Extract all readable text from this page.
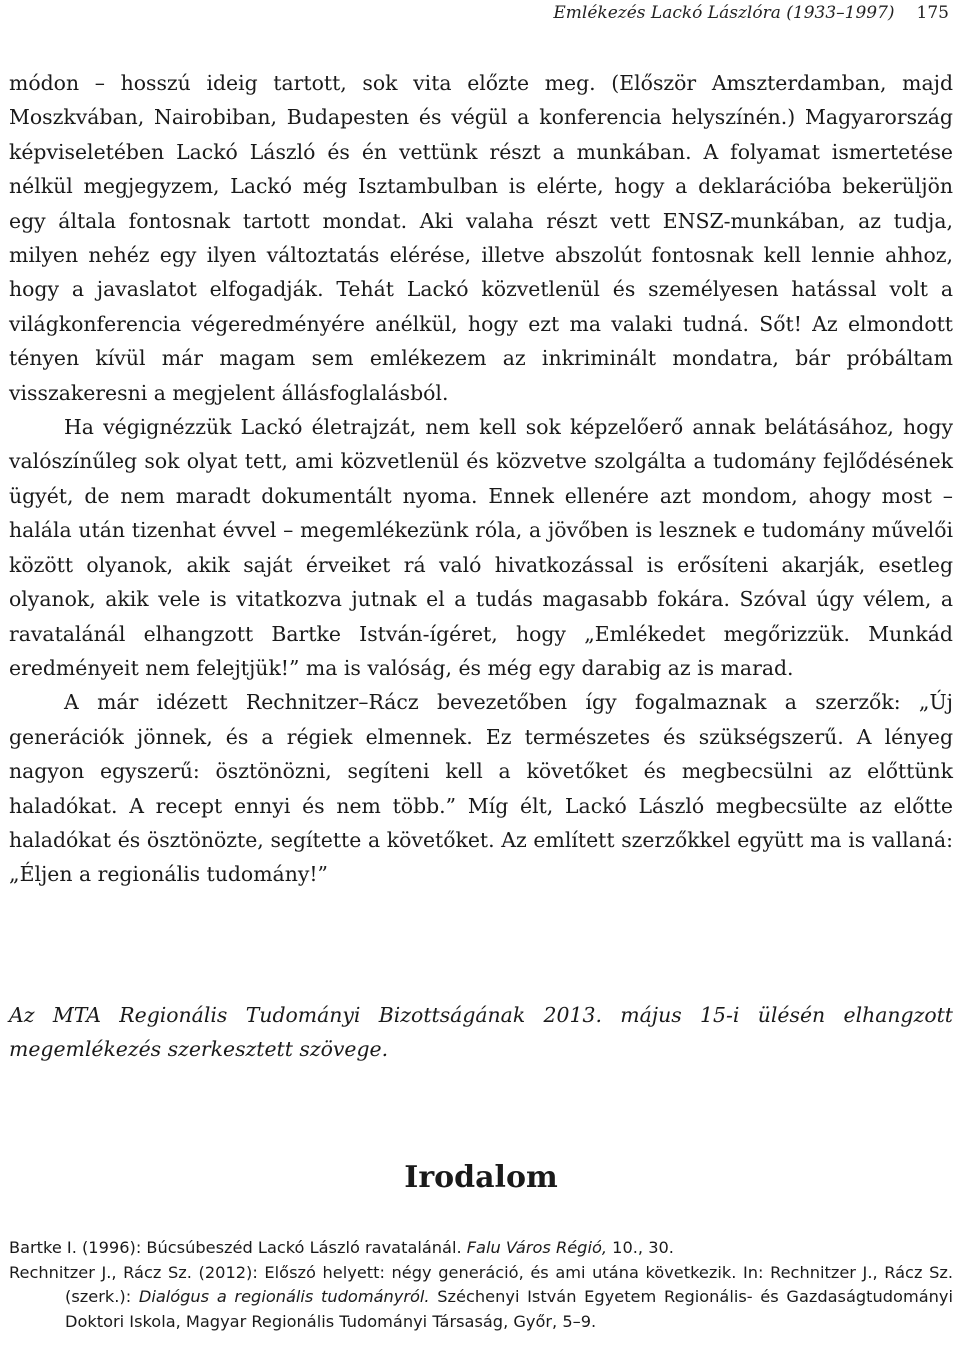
Emlékezés Lackó Lászlóra (1933–1997) 175

módon – hosszú ideig tartott, sok vita előzte meg. (Először Amszterdamban, majd Moszkvában, Nairobiban, Budapesten és végül a konferencia helyszínén.) Magyarország képviseletében Lackó László és én vettünk részt a munkában. A folyamat ismertetése nélkül megjegyzem, Lackó még Isztambulban is elérte, hogy a deklarációba bekerüljön egy általa fontosnak tartott mondat. Aki valaha részt vett ENSZ-munkában, az tudja, milyen nehéz egy ilyen változtatás elérése, illetve abszolút fontosnak kell lennie ahhoz, hogy a javaslatot elfogadják. Tehát Lackó közvetlenül és személyesen hatással volt a világkonferencia végeredményére anélkül, hogy ezt ma valaki tudná. Sőt! Az elmondott tényen kívül már magam sem emlékezem az inkriminált mondatra, bár próbáltam visszakeresni a megjelent állásfoglalásból.

Ha végignézzük Lackó életrajzát, nem kell sok képzelőerő annak belátásához, hogy valószínűleg sok olyat tett, ami közvetlenül és közvetve szolgálta a tudomány fejlődésének ügyét, de nem maradt dokumentált nyoma. Ennek ellenére azt mondom, ahogy most – halála után tizenhat évvel – megemlékezünk róla, a jövőben is lesznek e tudomány művelői között olyanok, akik saját érveiket rá való hivatkozással is erősíteni akarják, esetleg olyanok, akik vele is vitatkozva jutnak el a tudás magasabb fokára. Szóval úgy vélem, a ravatalánál elhangzott Bartke István-ígéret, hogy „Emlékedet megőrizzük. Munkád eredményeit nem felejtjük!” ma is valóság, és még egy darabig az is marad.

A már idézett Rechnitzer–Rácz bevezetőben így fogalmaznak a szerzők: „Új generációk jönnek, és a régiek elmennek. Ez természetes és szükségszerű. A lényeg nagyon egyszerű: ösztönözni, segíteni kell a követőket és megbecsülni az előttünk haladókat. A recept ennyi és nem több.” Míg élt, Lackó László megbecsülte az előtte haladókat és ösztönözte, segítette a követőket. Az említett szerzőkkel együtt ma is vallaná: „Éljen a regionális tudomány!”

Az MTA Regionális Tudományi Bizottságának 2013. május 15-i ülésén elhangzott megemlékezés szerkesztett szövege.

Irodalom

Bartke I. (1996): Búcsúbeszéd Lackó László ravatalánál. Falu Város Régió, 10., 30.

Rechnitzer J., Rácz Sz. (2012): Előszó helyett: négy generáció, és ami utána következik. In: Rechnitzer J., Rácz Sz. (szerk.): Dialógus a regionális tudományról. Széchenyi István Egyetem Regionális- és Gazdaságtudományi Doktori Iskola, Magyar Regionális Tudományi Társaság, Győr, 5–9.
